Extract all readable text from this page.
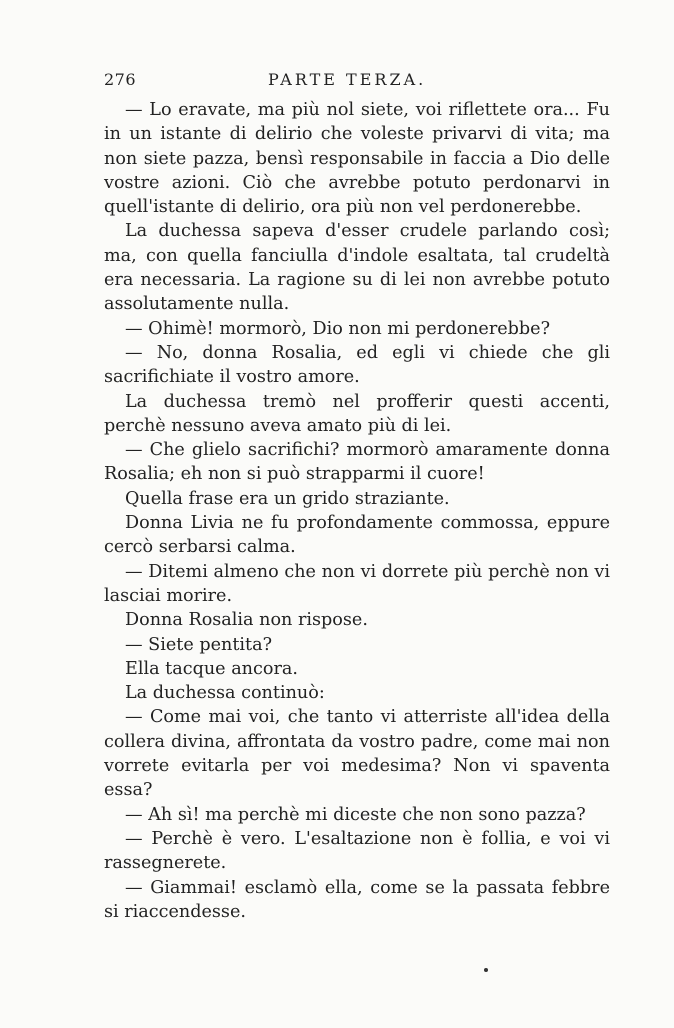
276	PARTE TERZA.

— Lo eravate, ma più nol siete, voi riflettete ora... Fu in un istante di delirio che voleste privarvi di vita; ma non siete pazza, bensì responsabile in faccia a Dio delle vostre azioni. Ciò che avrebbe potuto perdonarvi in quell'istante di delirio, ora più non vel perdonerebbe.

La duchessa sapeva d'esser crudele parlando così; ma, con quella fanciulla d'indole esaltata, tal crudeltà era necessaria. La ragione su di lei non avrebbe potuto assolutamente nulla.

— Ohimè! mormorò, Dio non mi perdonerebbe?

— No, donna Rosalia, ed egli vi chiede che gli sacrifichiate il vostro amore.

La duchessa tremò nel profferir questi accenti, perchè nessuno aveva amato più di lei.

— Che glielo sacrifichi? mormorò amaramente donna Rosalia; eh non si può strapparmi il cuore!

Quella frase era un grido straziante.

Donna Livia ne fu profondamente commossa, eppure cercò serbarsi calma.

— Ditemi almeno che non vi dorrete più perchè non vi lasciai morire.

Donna Rosalia non rispose.

— Siete pentita?

Ella tacque ancora.

La duchessa continuò:

— Come mai voi, che tanto vi atterriste all'idea della collera divina, affrontata da vostro padre, come mai non vorrete evitarla per voi medesima? Non vi spaventa essa?

— Ah sì! ma perchè mi diceste che non sono pazza?

— Perchè è vero. L'esaltazione non è follia, e voi vi rassegnerete.

— Giammai! esclamò ella, come se la passata febbre si riaccendesse.
